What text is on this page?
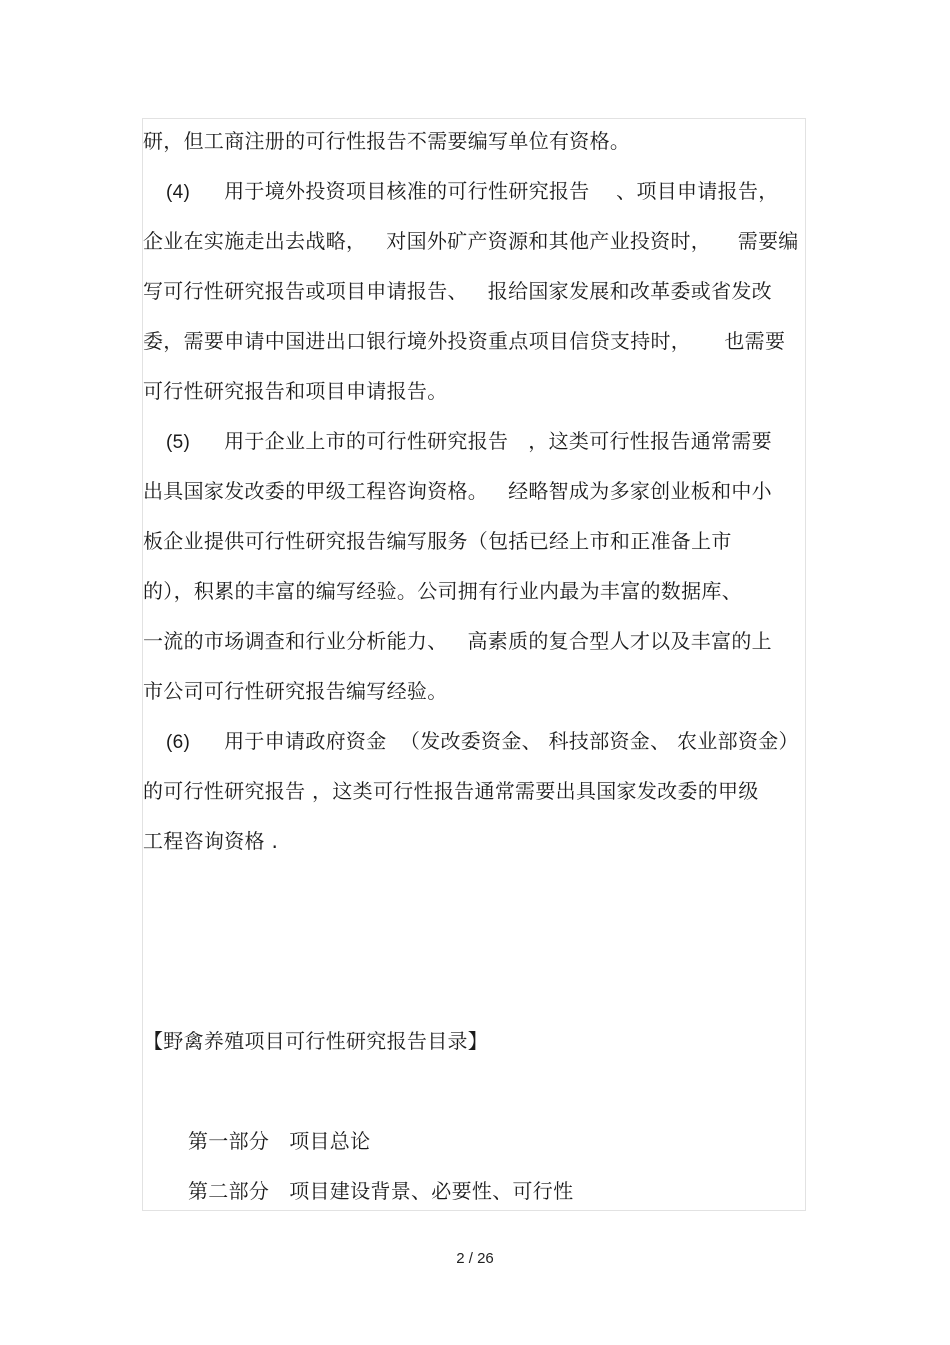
研，但工商注册的可行性报告不需要编写单位有资格。
(4) 用于境外投资项目核准的可行性研究报告    、项目申请报告，
企业在实施走出去战略，   对国外矿产资源和其他产业投资时，    需要编
写可行性研究报告或项目申请报告、   报给国家发展和改革委或省发改
委，需要申请中国进出口银行境外投资重点项目信贷支持时，     也需要
可行性研究报告和项目申请报告。
(5) 用于企业上市的可行性研究报告   ，这类可行性报告通常需要
出具国家发改委的甲级工程咨询资格。   经略智成为多家创业板和中小
板企业提供可行性研究报告编写服务（包括已经上市和正准备上市
的），积累的丰富的编写经验。公司拥有行业内最为丰富的数据库、
一流的市场调查和行业分析能力、   高素质的复合型人才以及丰富的上
市公司可行性研究报告编写经验。
(6) 用于申请政府资金  （发改委资金、 科技部资金、 农业部资金）
的可行性研究报告 ，这类可行性报告通常需要出具国家发改委的甲级
工程咨询资格 .
【野禽养殖项目可行性研究报告目录】
第一部分 项目总论
第二部分 项目建设背景、必要性、可行性
2 / 26
